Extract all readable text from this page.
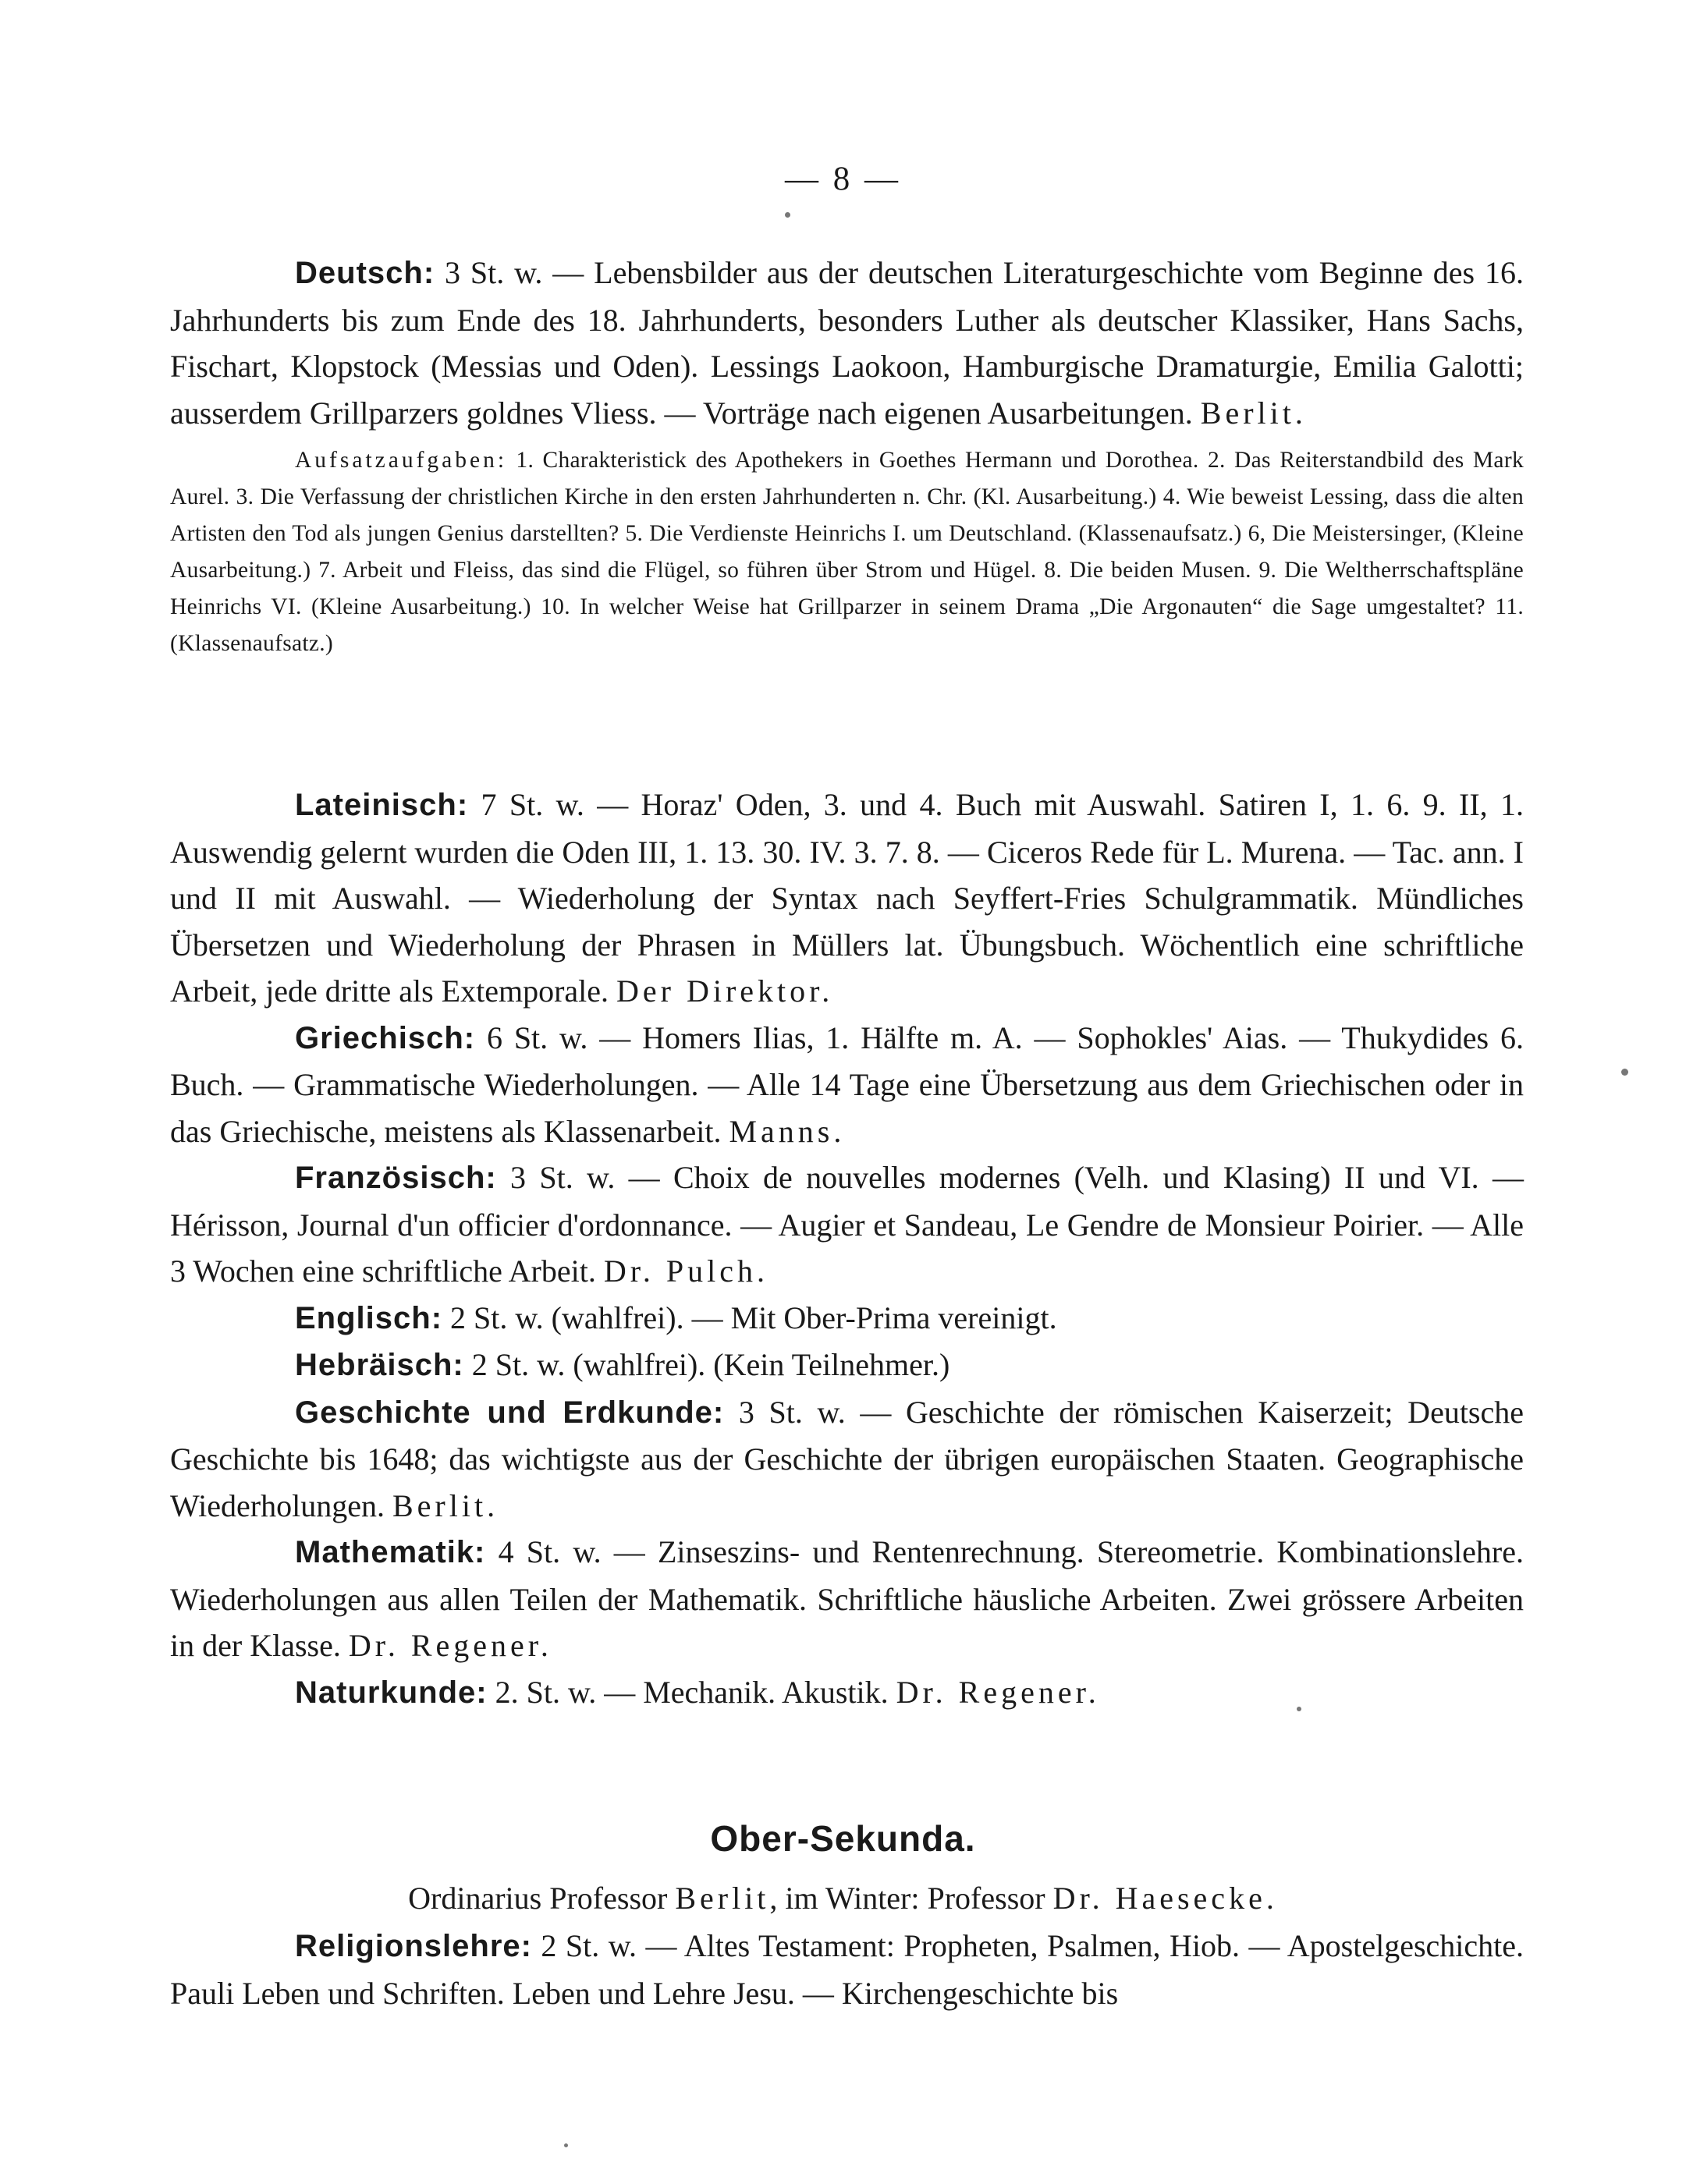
— 8 —

Deutsch: 3 St. w. — Lebensbilder aus der deutschen Literaturgeschichte vom Beginne des 16. Jahrhunderts bis zum Ende des 18. Jahrhunderts, besonders Luther als deutscher Klassiker, Hans Sachs, Fischart, Klopstock (Messias und Oden). Lessings Laokoon, Hamburgische Dramaturgie, Emilia Galotti; ausserdem Grillparzers goldnes Vliess. — Vorträge nach eigenen Ausarbeitungen. Berlit.

Aufsatzaufgaben: 1. Charakteristick des Apothekers in Goethes Hermann und Dorothea. 2. Das Reiterstandbild des Mark Aurel. 3. Die Verfassung der christlichen Kirche in den ersten Jahrhunderten n. Chr. (Kl. Ausarbeitung.) 4. Wie beweist Lessing, dass die alten Artisten den Tod als jungen Genius darstellten? 5. Die Verdienste Heinrichs I. um Deutschland. (Klassenaufsatz.) 6, Die Meistersinger, (Kleine Ausarbeitung.) 7. Arbeit und Fleiss, das sind die Flügel, so führen über Strom und Hügel. 8. Die beiden Musen. 9. Die Weltherrschaftspläne Heinrichs VI. (Kleine Ausarbeitung.) 10. In welcher Weise hat Grillparzer in seinem Drama „Die Argonauten“ die Sage umgestaltet? 11. (Klassenaufsatz.)

Lateinisch: 7 St. w. — Horaz' Oden, 3. und 4. Buch mit Auswahl. Satiren I, 1. 6. 9. II, 1. Auswendig gelernt wurden die Oden III, 1. 13. 30. IV. 3. 7. 8. — Ciceros Rede für L. Murena. — Tac. ann. I und II mit Auswahl. — Wiederholung der Syntax nach Seyffert-Fries Schulgrammatik. Mündliches Übersetzen und Wiederholung der Phrasen in Müllers lat. Übungsbuch. Wöchentlich eine schriftliche Arbeit, jede dritte als Extemporale. Der Direktor.

Griechisch: 6 St. w. — Homers Ilias, 1. Hälfte m. A. — Sophokles' Aias. — Thukydides 6. Buch. — Grammatische Wiederholungen. — Alle 14 Tage eine Übersetzung aus dem Griechischen oder in das Griechische, meistens als Klassenarbeit. Manns.

Französisch: 3 St. w. — Choix de nouvelles modernes (Velh. und Klasing) II und VI. — Hérisson, Journal d'un officier d'ordonnance. — Augier et Sandeau, Le Gendre de Monsieur Poirier. — Alle 3 Wochen eine schriftliche Arbeit. Dr. Pulch.

Englisch: 2 St. w. (wahlfrei). — Mit Ober-Prima vereinigt.

Hebräisch: 2 St. w. (wahlfrei). (Kein Teilnehmer.)

Geschichte und Erdkunde: 3 St. w. — Geschichte der römischen Kaiserzeit; Deutsche Geschichte bis 1648; das wichtigste aus der Geschichte der übrigen europäischen Staaten. Geographische Wiederholungen. Berlit.

Mathematik: 4 St. w. — Zinseszins- und Rentenrechnung. Stereometrie. Kombinationslehre. Wiederholungen aus allen Teilen der Mathematik. Schriftliche häusliche Arbeiten. Zwei grössere Arbeiten in der Klasse. Dr. Regener.

Naturkunde: 2. St. w. — Mechanik. Akustik. Dr. Regener.

Ober-Sekunda.
Ordinarius Professor Berlit, im Winter: Professor Dr. Haesecke.

Religionslehre: 2 St. w. — Altes Testament: Propheten, Psalmen, Hiob. — Apostelgeschichte. Pauli Leben und Schriften. Leben und Lehre Jesu. — Kirchengeschichte bis
